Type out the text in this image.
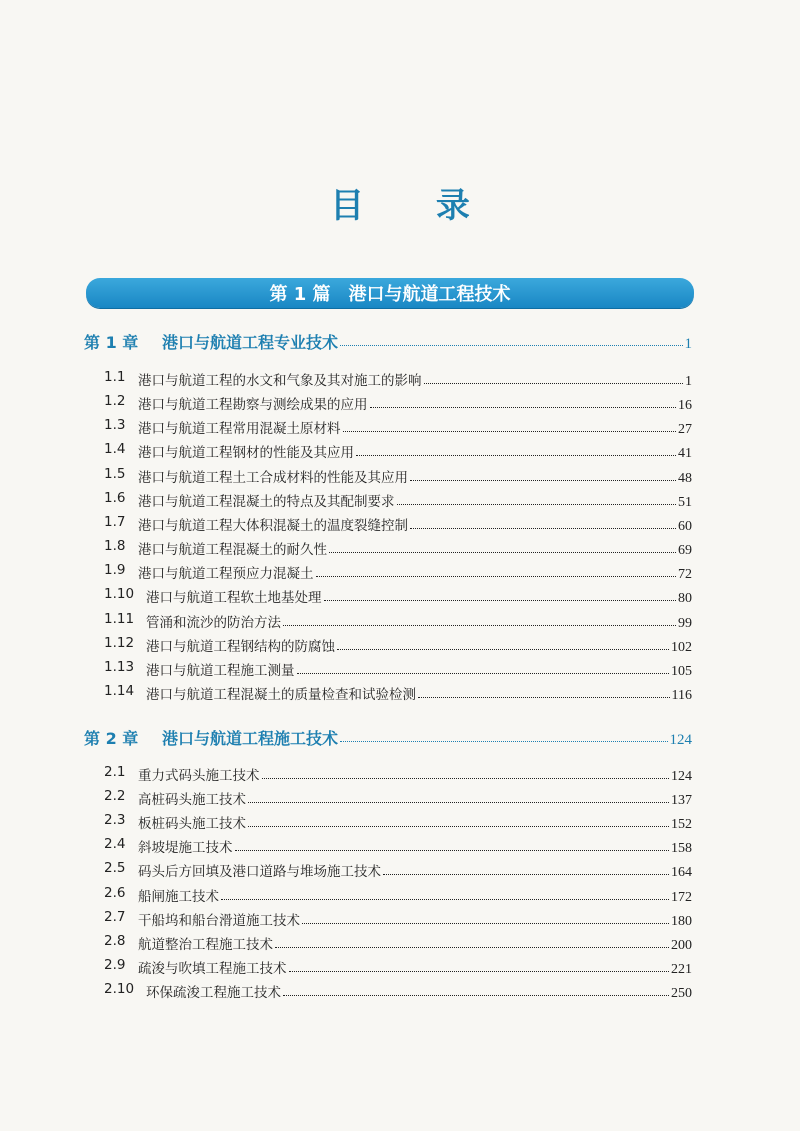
目 录
第 1 篇 港口与航道工程技术
第 1 章 港口与航道工程专业技术	1
1.1 港口与航道工程的水文和气象及其对施工的影响	1
1.2 港口与航道工程勘察与测绘成果的应用	16
1.3 港口与航道工程常用混凝土原材料	27
1.4 港口与航道工程钢材的性能及其应用	41
1.5 港口与航道工程土工合成材料的性能及其应用	48
1.6 港口与航道工程混凝土的特点及其配制要求	51
1.7 港口与航道工程大体积混凝土的温度裂缝控制	60
1.8 港口与航道工程混凝土的耐久性	69
1.9 港口与航道工程预应力混凝土	72
1.10 港口与航道工程软土地基处理	80
1.11 管涌和流沙的防治方法	99
1.12 港口与航道工程钢结构的防腐蚀	102
1.13 港口与航道工程施工测量	105
1.14 港口与航道工程混凝土的质量检查和试验检测	116
第 2 章 港口与航道工程施工技术	124
2.1 重力式码头施工技术	124
2.2 高桩码头施工技术	137
2.3 板桩码头施工技术	152
2.4 斜坡堤施工技术	158
2.5 码头后方回填及港口道路与堆场施工技术	164
2.6 船闸施工技术	172
2.7 干船坞和船台滑道施工技术	180
2.8 航道整治工程施工技术	200
2.9 疏浚与吹填工程施工技术	221
2.10 环保疏浚工程施工技术	250
